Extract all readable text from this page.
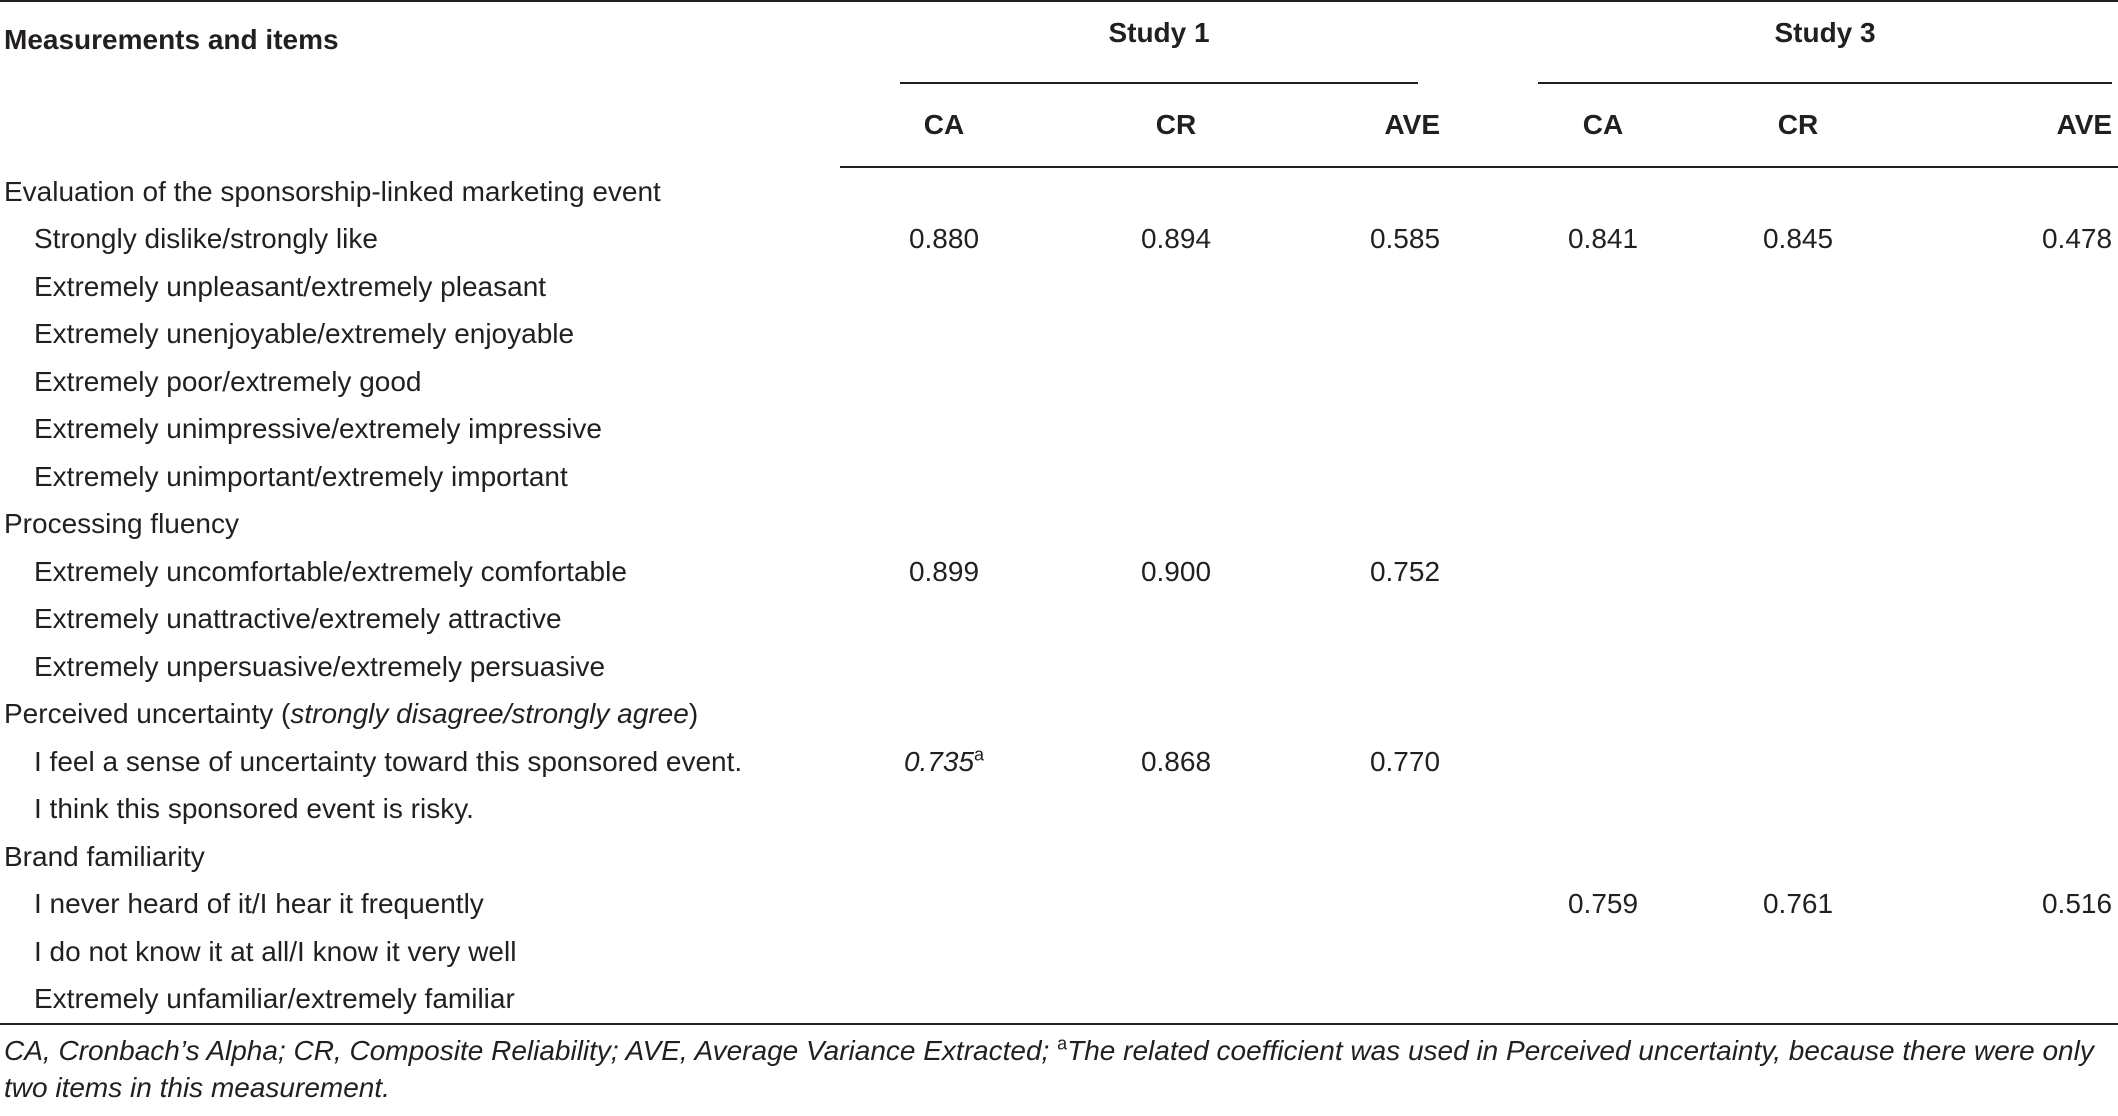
Measurements and items	Study 1			Study 3		

	CA	CR	AVE	CA	CR	AVE
Evaluation of the sponsorship-linked marketing event						
Strongly dislike/strongly like	0.880	0.894	0.585	0.841	0.845	0.478
Extremely unpleasant/extremely pleasant						
Extremely unenjoyable/extremely enjoyable						
Extremely poor/extremely good						
Extremely unimpressive/extremely impressive						
Extremely unimportant/extremely important						
Processing fluency						
Extremely uncomfortable/extremely comfortable	0.899	0.900	0.752			
Extremely unattractive/extremely attractive						
Extremely unpersuasive/extremely persuasive						
Perceived uncertainty (strongly disagree/strongly agree)						
I feel a sense of uncertainty toward this sponsored event.	0.735$^a$	0.868	0.770			
I think this sponsored event is risky.						
Brand familiarity						
I never heard of it/I hear it frequently				0.759	0.761	0.516
I do not know it at all/I know it very well						
Extremely unfamiliar/extremely familiar						
CA, Cronbach’s Alpha; CR, Composite Reliability; AVE, Average Variance Extracted; $^a$The related coefficient was used in Perceived uncertainty, because there were only two items in this measurement.
